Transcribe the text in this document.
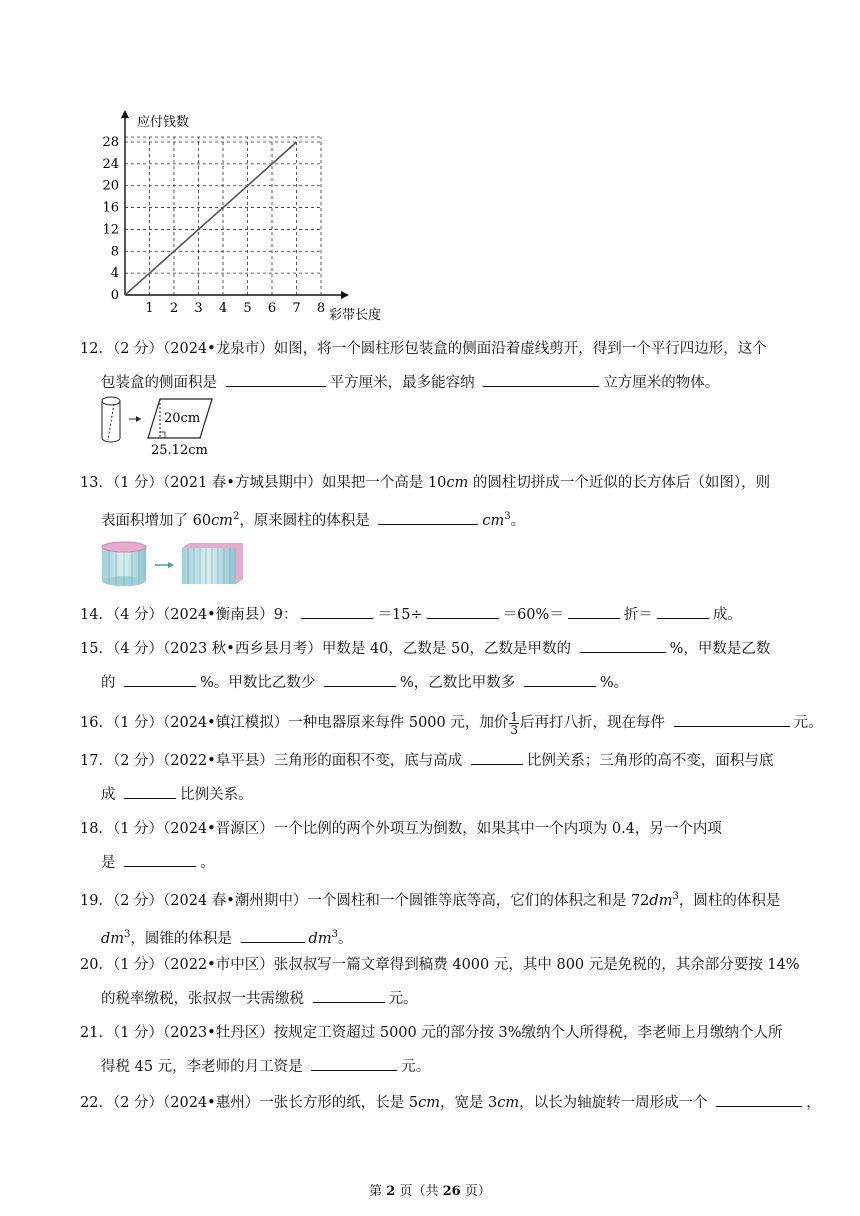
1 2 3 4 5 6 7 8
0
4
8
12
16
20
24
28
应付钱数
彩带长度
12．（2 分）（2024•龙泉市）如图，将一个圆柱形包装盒的侧面沿着虚线剪开，得到一个平行四边形，这个
包装盒的侧面积是	平方厘米，最多能容纳	立方厘米的物体。
20cm
25.12cm
13．（1 分）（2021 春•方城县期中）如果把一个高是 10cm 的圆柱切拼成一个近似的长方体后（如图），则
表面积增加了 $60cm^2$，原来圆柱的体积是	$cm^3$。
14．（4 分）（2024•衡南县）9：	＝15÷	＝60%＝	折＝	成。
15．（4 分）（2023 秋•西乡县月考）甲数是 40，乙数是 50，乙数是甲数的	%，甲数是乙数
的	%。甲数比乙数少	%，乙数比甲数多	%。
16．（1 分）（2024•镇江模拟）一种电器原来每件 5000 元，加价 $\frac{1}{3}$ 后再打八折，现在每件	元。
17．（2 分）（2022•阜平县）三角形的面积不变，底与高成	比例关系；三角形的高不变，面积与底
成	比例关系。
18．（1 分）（2024•晋源区）一个比例的两个外项互为倒数，如果其中一个内项为 0.4，另一个内项
是	。
19．（2 分）（2024 春•潮州期中）一个圆柱和一个圆锥等底等高，它们的体积之和是 $72dm^3$，圆柱的体积是
$dm^3$，圆锥的体积是	$dm^3$。
20．（1 分）（2022•市中区）张叔叔写一篇文章得到稿费 4000 元，其中 800 元是免税的，其余部分要按 14%
的税率缴税，张叔叔一共需缴税	元。
21．（1 分）（2023•牡丹区）按规定工资超过 5000 元的部分按 3%缴纳个人所得税，李老师上月缴纳个人所
得税 45 元，李老师的月工资是	元。
22．（2 分）（2024•惠州）一张长方形的纸，长是 5cm，宽是 3cm，以长为轴旋转一周形成一个	，
第 2 页（共 26 页）
